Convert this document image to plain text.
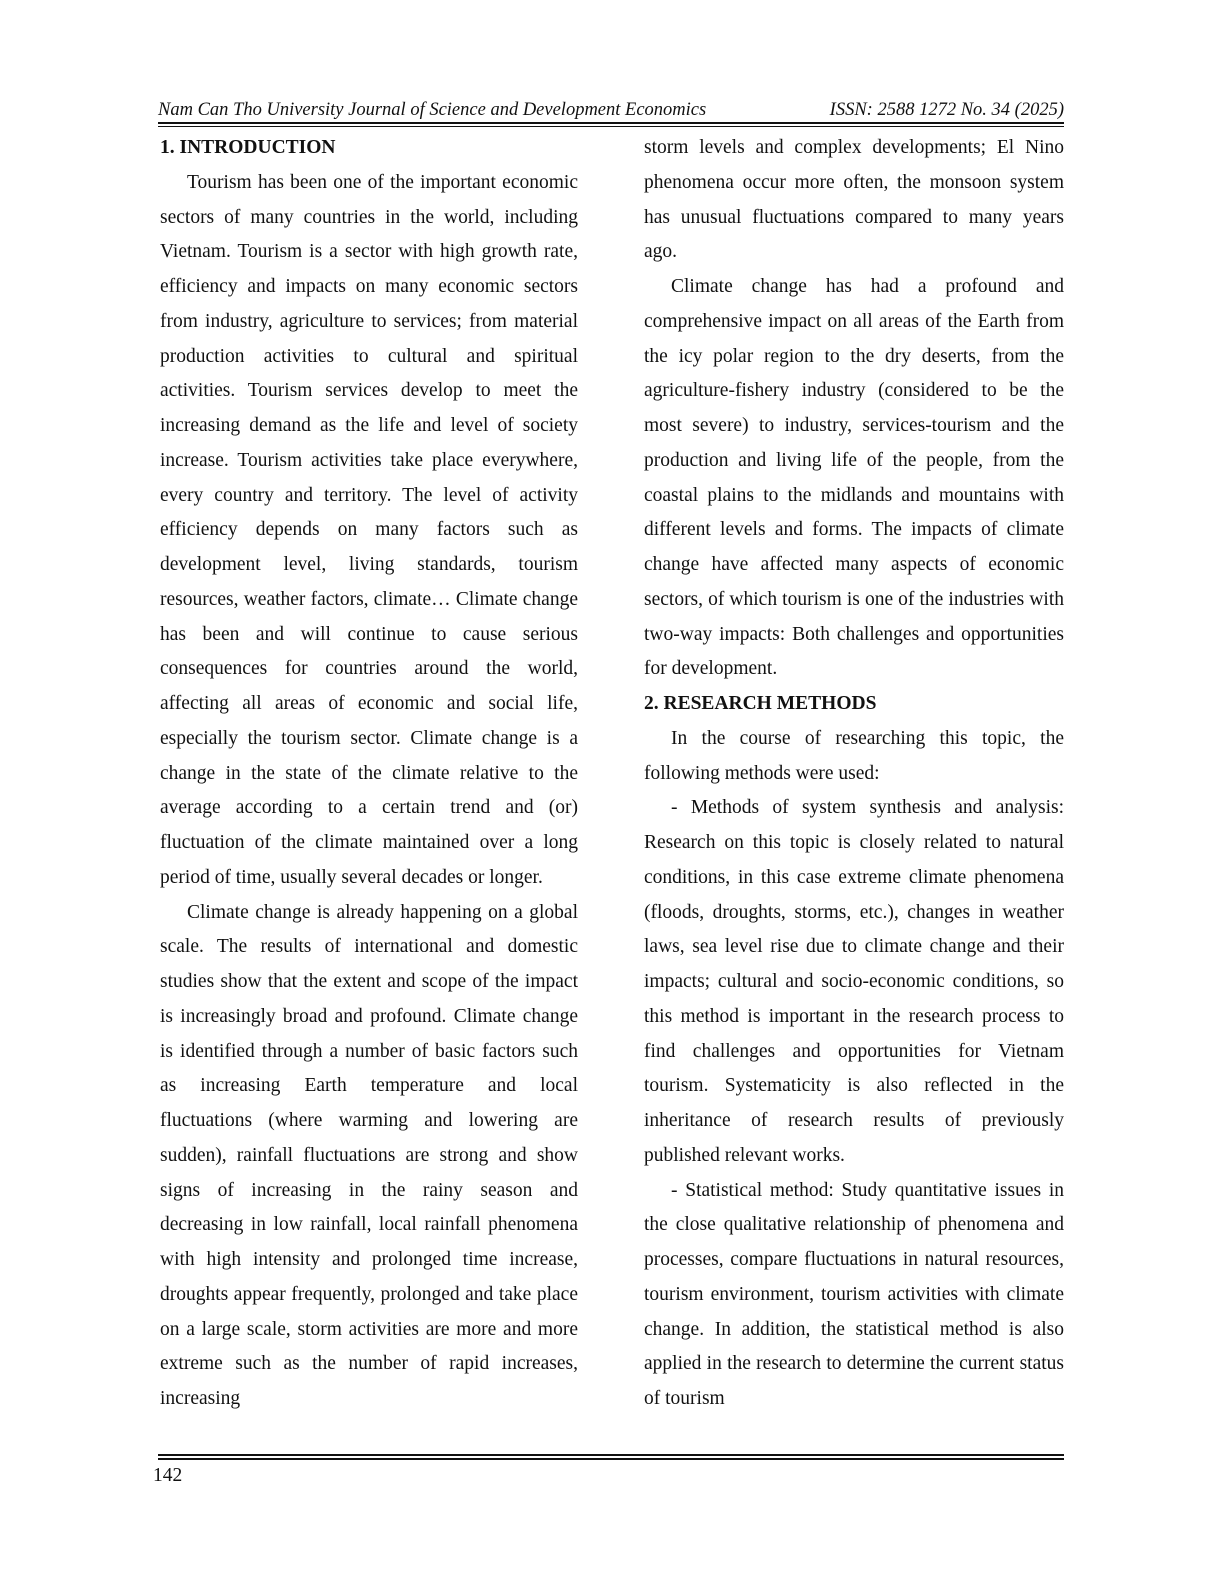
Nam Can Tho University Journal of Science and Development Economics	ISSN: 2588 1272 No. 34 (2025)
1. INTRODUCTION

Tourism has been one of the important economic sectors of many countries in the world, including Vietnam. Tourism is a sector with high growth rate, efficiency and impacts on many economic sectors from industry, agriculture to services; from material production activities to cultural and spiritual activities. Tourism services develop to meet the increasing demand as the life and level of society increase. Tourism activities take place everywhere, every country and territory. The level of activity efficiency depends on many factors such as development level, living standards, tourism resources, weather factors, climate… Climate change has been and will continue to cause serious consequences for countries around the world, affecting all areas of economic and social life, especially the tourism sector. Climate change is a change in the state of the climate relative to the average according to a certain trend and (or) fluctuation of the climate maintained over a long period of time, usually several decades or longer.

Climate change is already happening on a global scale. The results of international and domestic studies show that the extent and scope of the impact is increasingly broad and profound. Climate change is identified through a number of basic factors such as increasing Earth temperature and local fluctuations (where warming and lowering are sudden), rainfall fluctuations are strong and show signs of increasing in the rainy season and decreasing in low rainfall, local rainfall phenomena with high intensity and prolonged time increase, droughts appear frequently, prolonged and take place on a large scale, storm activities are more and more extreme such as the number of rapid increases, increasing

storm levels and complex developments; El Nino phenomena occur more often, the monsoon system has unusual fluctuations compared to many years ago.

Climate change has had a profound and comprehensive impact on all areas of the Earth from the icy polar region to the dry deserts, from the agriculture-fishery industry (considered to be the most severe) to industry, services-tourism and the production and living life of the people, from the coastal plains to the midlands and mountains with different levels and forms. The impacts of climate change have affected many aspects of economic sectors, of which tourism is one of the industries with two-way impacts: Both challenges and opportunities for development.

2. RESEARCH METHODS

In the course of researching this topic, the following methods were used:

- Methods of system synthesis and analysis: Research on this topic is closely related to natural conditions, in this case extreme climate phenomena (floods, droughts, storms, etc.), changes in weather laws, sea level rise due to climate change and their impacts; cultural and socio-economic conditions, so this method is important in the research process to find challenges and opportunities for Vietnam tourism. Systematicity is also reflected in the inheritance of research results of previously published relevant works.

- Statistical method: Study quantitative issues in the close qualitative relationship of phenomena and processes, compare fluctuations in natural resources, tourism environment, tourism activities with climate change. In addition, the statistical method is also applied in the research to determine the current status of tourism

142
